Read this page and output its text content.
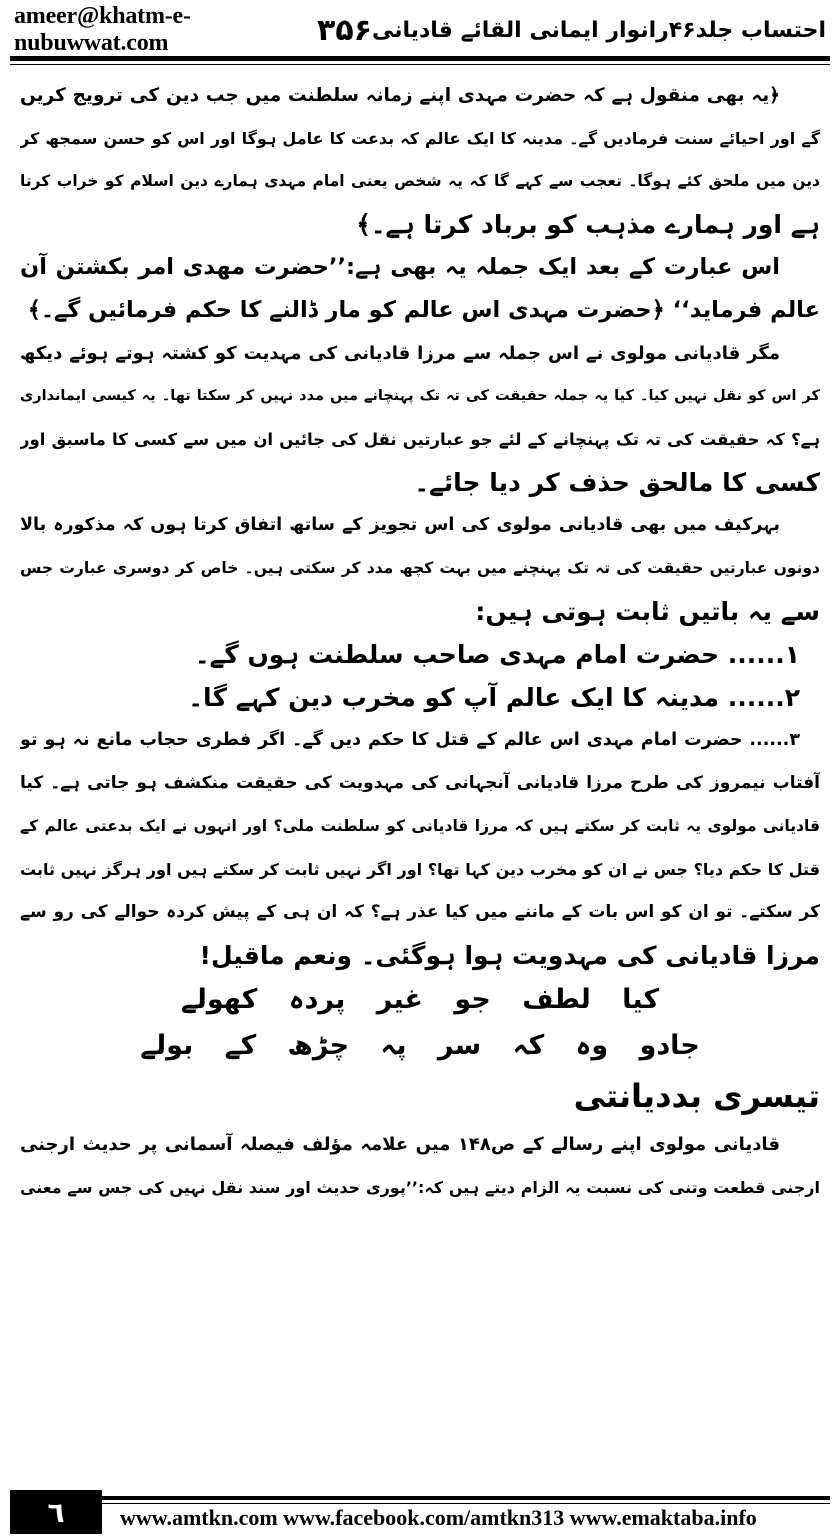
ameer@khatm-e-nubuwwat.com	۳۵۶ احتساب جلد۴۶رانوار ایمانی القائے قادیانی
﴿یہ بھی منقول ہے کہ حضرت مہدی اپنے زمانہ سلطنت میں جب دین کی ترویج کریں
گے اور احیائے سنت فرمادیں گے۔ مدینہ کا ایک عالم کہ بدعت کا عامل ہوگا اور اس کو حسن سمجھ کر
دین میں ملحق کئے ہوگا۔ تعجب سے کہے گا کہ یہ شخص یعنی امام مہدی ہمارے دین اسلام کو خراب کرتا
ہے اور ہمارے مذہب کو برباد کرتا ہے۔﴾
اس عبارت کے بعد ایک جملہ یہ بھی ہے:’’حضرت مهدی امر بكشتن آن
عالم فرمايد‘‘ ﴿حضرت مہدی اس عالم کو مار ڈالنے کا حکم فرمائیں گے۔﴾
مگر قادیانی مولوی نے اس جملہ سے مرزا قادیانی کی مہدیت کو کشتہ ہوتے ہوئے دیکھ
کر اس کو نقل نہیں کیا۔ کیا یہ جملہ حقیقت کی تہ تک پہنچانے میں مدد نہیں کر سکتا تھا۔ یہ کیسی ایمانداری
ہے؟ کہ حقیقت کی تہ تک پہنچانے کے لئے جو عبارتیں نقل کی جائیں ان میں سے کسی کا ماسبق اور
کسی کا مالحق حذف کر دیا جائے۔
بہرکیف میں بھی قادیانی مولوی کی اس تجویز کے ساتھ اتفاق کرتا ہوں کہ مذکورہ بالا
دونوں عبارتیں حقیقت کی تہ تک پہنچنے میں بہت کچھ مدد کر سکتی ہیں۔ خاص کر دوسری عبارت جس
سے یہ باتیں ثابت ہوتی ہیں:
۱...... حضرت امام مہدی صاحب سلطنت ہوں گے۔
۲...... مدینہ کا ایک عالم آپ کو مخرب دین کہے گا۔
۳...... حضرت امام مہدی اس عالم کے قتل کا حکم دیں گے۔ اگر فطری حجاب مانع نہ ہو تو
آفتاب نیمروز کی طرح مرزا قادیانی آنجہانی کی مہدویت کی حقیقت منکشف ہو جاتی ہے۔ کیا
قادیانی مولوی یہ ثابت کر سکتے ہیں کہ مرزا قادیانی کو سلطنت ملی؟ اور انہوں نے ایک بدعتی عالم کے
قتل کا حکم دیا؟ جس نے ان کو مخرب دین کہا تھا؟ اور اگر نہیں ثابت کر سکتے ہیں اور ہرگز نہیں ثابت
کر سکتے۔ تو ان کو اس بات کے ماننے میں کیا عذر ہے؟ کہ ان ہی کے پیش کردہ حوالے کی رو سے
مرزا قادیانی کی مہدویت ہوا ہوگئی۔ ونعم ماقیل!
کیا لطف جو غیر پردہ کھولے
جادو وہ کہ سر پہ چڑھ کے بولے
تیسری بددیانتی
قادیانی مولوی اپنے رسالے کے ص۱۴۸ میں علامہ مؤلف فیصلہ آسمانی پر حدیث ارجنی
ارجنی قطعت وتنی کی نسبت یہ الزام دیتے ہیں کہ:’’پوری حدیث اور سند نقل نہیں کی جس سے معنی
٦	www.amtkn.com www.facebook.com/amtkn313 www.emaktaba.info
